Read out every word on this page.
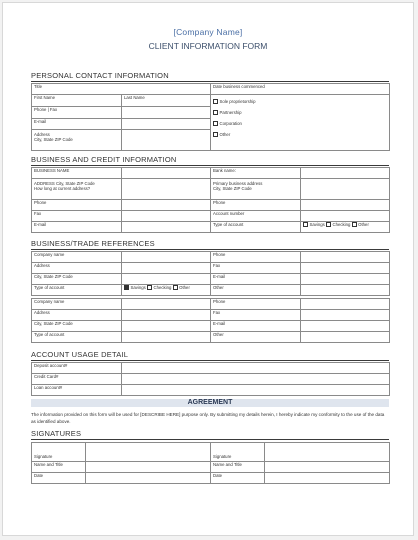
[Company Name]
CLIENT INFORMATION FORM
PERSONAL CONTACT INFORMATION
Title		Date business commenced
First Name	Last Name	Sole proprietorship
Partnership
Corporation
Other

Phone | Fax		
E-mail		

Address
City, State ZIP Code		

BUSINESS AND CREDIT INFORMATION
BUSINESS NAME		Bank name:	

ADDRESS City, State ZIP Code
How long at current address?		Primary business address
City, State ZIP Code	

Phone		Phone	
Fax		Account number	
E-mail		Type of account	Savings Checking Other
BUSINESS/TRADE REFERENCES
Company name		Phone	
Address		Fax	
City, State ZIP Code		E-mail	
Type of account	Savings Checking Other	Other	

Company name		Phone	
Address		Fax	
City, State ZIP Code		E-mail	
Type of account		Other	
ACCOUNT USAGE DETAIL
Deposit account#	
Credit Card#	
Loan account#	
AGREEMENT
The information provided on this form will be used for [DESCRIBE HERE] purpose only. By submitting my details herein, I hereby indicate my conformity to the use of the data as identified above.
SIGNATURES
Signature		Signature	
Name and Title		Name and Title	
Date		Date	
